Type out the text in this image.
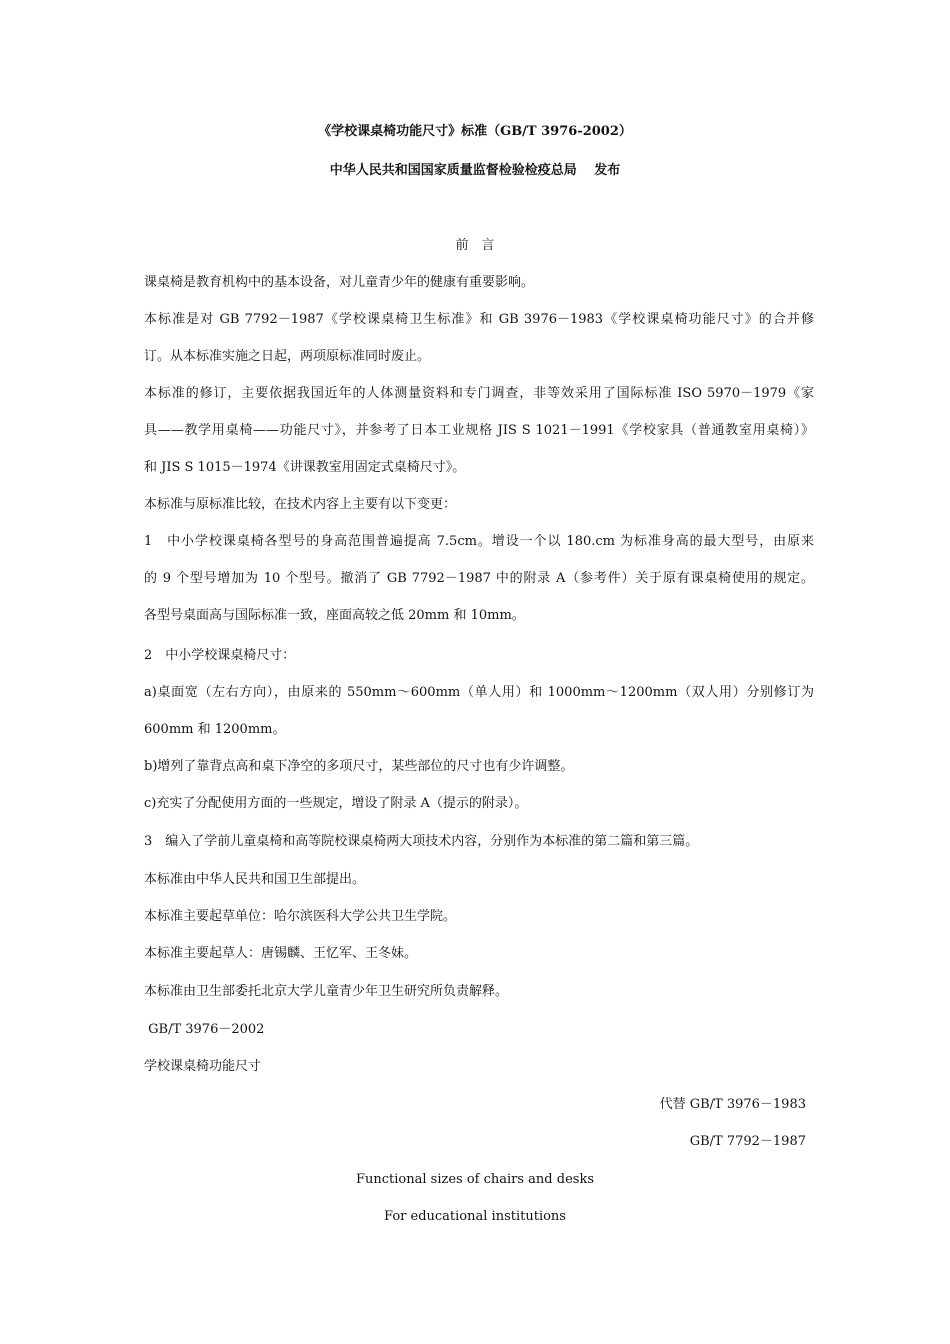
《学校课桌椅功能尺寸》标准（GB/T 3976-2002）
中华人民共和国国家质量监督检验检疫总局　 发布
前　言
课桌椅是教育机构中的基本设备，对儿童青少年的健康有重要影响。
本标准是对 GB 7792－1987《学校课桌椅卫生标准》和 GB 3976－1983《学校课桌椅功能尺寸》的合并修
订。从本标准实施之日起，两项原标准同时废止。
本标准的修订，主要依据我国近年的人体测量资料和专门调查，非等效采用了国际标准 ISO 5970－1979《家
具——教学用桌椅——功能尺寸》，并参考了日本工业规格 JIS S 1021－1991《学校家具（普通教室用桌椅）》
和 JIS S 1015－1974《讲课教室用固定式桌椅尺寸》。
本标准与原标准比较，在技术内容上主要有以下变更：
1　中小学校课桌椅各型号的身高范围普遍提高 7.5cm。增设一个以 180.cm 为标准身高的最大型号，由原来
的 9 个型号增加为 10 个型号。撤消了 GB 7792－1987 中的附录 A（参考件）关于原有课桌椅使用的规定。
各型号桌面高与国际标准一致，座面高较之低 20mm 和 10mm。
2　中小学校课桌椅尺寸：
a)桌面宽（左右方向），由原来的 550mm～600mm（单人用）和 1000mm～1200mm（双人用）分别修订为
600mm 和 1200mm。
b)增列了靠背点高和桌下净空的多项尺寸，某些部位的尺寸也有少许调整。
c)充实了分配使用方面的一些规定，增设了附录 A（提示的附录）。
3　编入了学前儿童桌椅和高等院校课桌椅两大项技术内容，分别作为本标准的第二篇和第三篇。
本标准由中华人民共和国卫生部提出。
本标准主要起草单位：哈尔滨医科大学公共卫生学院。
本标准主要起草人：唐锡麟、王忆军、王冬妹。
本标准由卫生部委托北京大学儿童青少年卫生研究所负责解释。
GB/T 3976－2002
学校课桌椅功能尺寸
代替 GB/T 3976－1983
GB/T 7792－1987
Functional sizes of chairs and desks
For educational institutions
